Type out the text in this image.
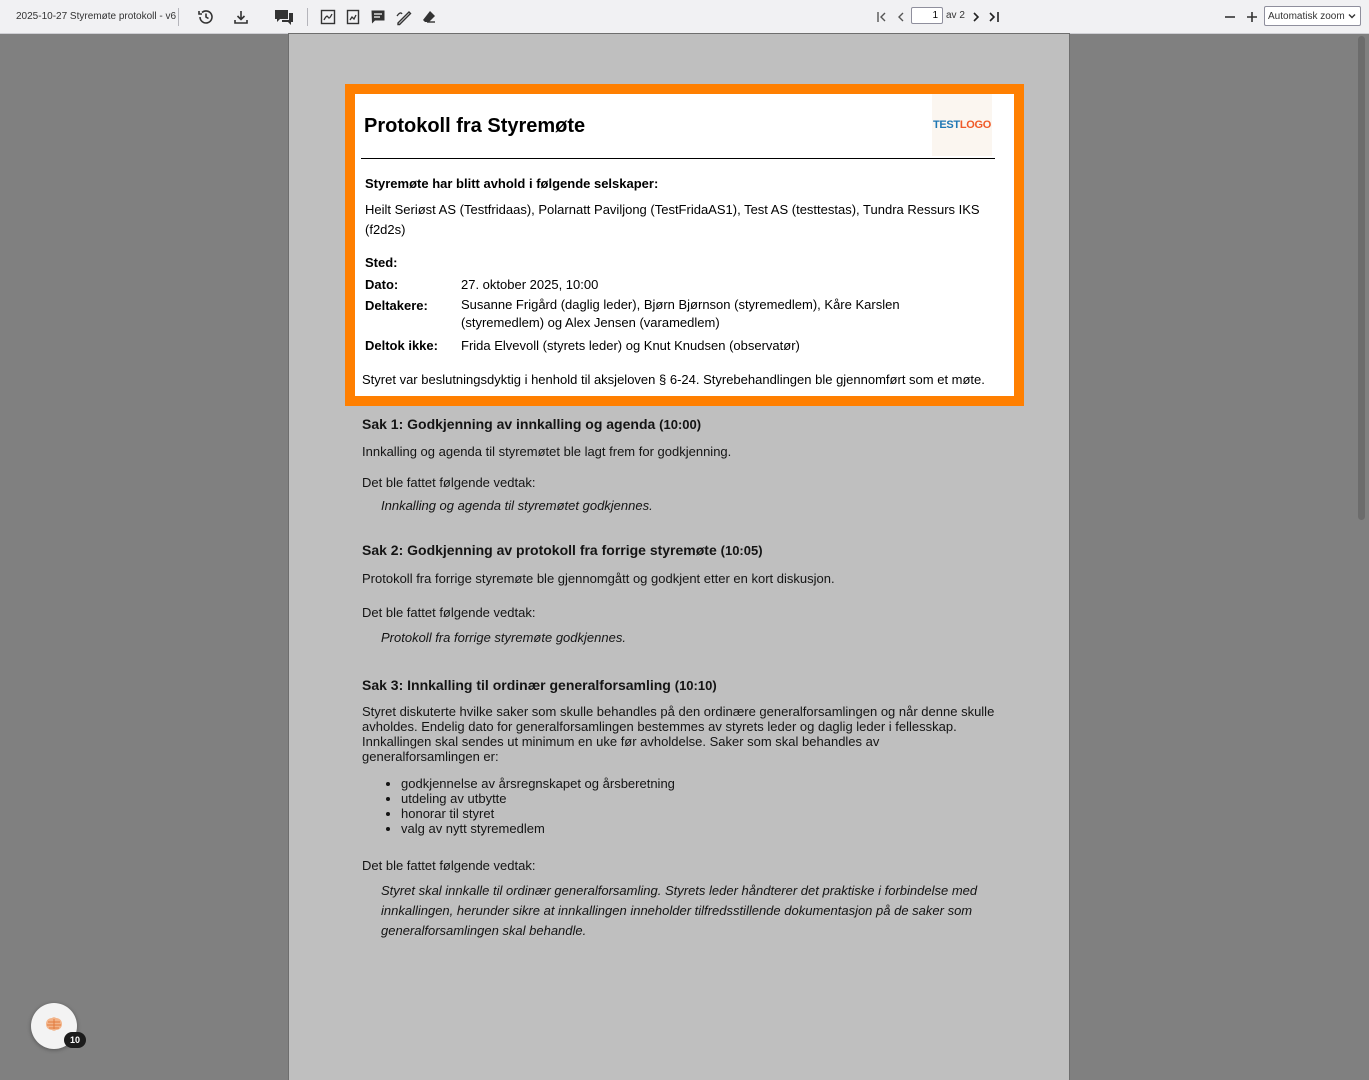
2025-10-27 Styremøte protokoll - v6
1	av 2	Automatisk zoom
Protokoll fra Styremøte	TEST LOGO
Styremøte har blitt avhold i følgende selskaper:
Heilt Seriøst AS (Testfridaas), Polarnatt Paviljong (TestFridaAS1), Test AS (testtestas), Tundra Ressurs IKS (f2d2s)
Sted:
Dato:	27. oktober 2025, 10:00
Deltakere:	Susanne Frigård (daglig leder), Bjørn Bjørnson (styremedlem), Kåre Karslen (styremedlem) og Alex Jensen (varamedlem)
Deltok ikke: Frida Elvevoll (styrets leder) og Knut Knudsen (observatør)
Styret var beslutningsdyktig i henhold til aksjeloven § 6-24. Styrebehandlingen ble gjennomført som et møte.
Sak 1: Godkjenning av innkalling og agenda (10:00)
Innkalling og agenda til styremøtet ble lagt frem for godkjenning.
Det ble fattet følgende vedtak:
Innkalling og agenda til styremøtet godkjennes.
Sak 2: Godkjenning av protokoll fra forrige styremøte (10:05)
Protokoll fra forrige styremøte ble gjennomgått og godkjent etter en kort diskusjon.
Det ble fattet følgende vedtak:
Protokoll fra forrige styremøte godkjennes.
Sak 3: Innkalling til ordinær generalforsamling (10:10)
Styret diskuterte hvilke saker som skulle behandles på den ordinære generalforsamlingen og når denne skulle avholdes. Endelig dato for generalforsamlingen bestemmes av styrets leder og daglig leder i fellesskap. Innkallingen skal sendes ut minimum en uke før avholdelse. Saker som skal behandles av generalforsamlingen er:
• godkjennelse av årsregnskapet og årsberetning
• utdeling av utbytte
• honorar til styret
• valg av nytt styremedlem
Det ble fattet følgende vedtak:
Styret skal innkalle til ordinær generalforsamling. Styrets leder håndterer det praktiske i forbindelse med innkallingen, herunder sikre at innkallingen inneholder tilfredsstillende dokumentasjon på de saker som generalforsamlingen skal behandle.
10
